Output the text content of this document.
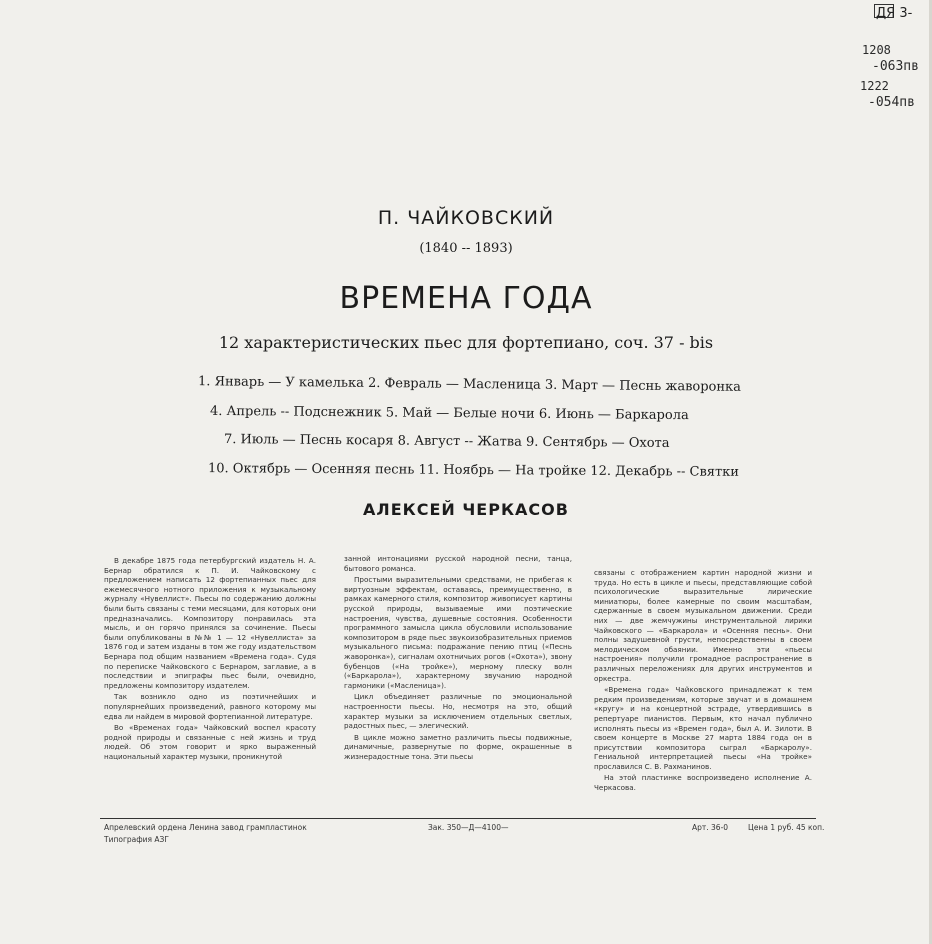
ДЯ 3-
1208
-063пв
1222
-054пв
П. ЧАЙКОВСКИЙ
(1840 -- 1893)
ВРЕМЕНА ГОДА
12 характеристических пьес для фортепиано, соч. 37 - bis
1. Январь — У камелька 2. Февраль — Масленица 3. Март — Песнь жаворонка
4. Апрель -- Подснежник 5. Май — Белые ночи 6. Июнь — Баркарола
7. Июль — Песнь косаря 8. Август -- Жатва 9. Сентябрь — Охота
10. Октябрь — Осенняя песнь 11. Ноябрь — На тройке 12. Декабрь -- Святки
АЛЕКСЕЙ ЧЕРКАСОВ

В декабре 1875 года петербургский издатель Н. А. Бернар обратился к П. И. Чайковскому с предложением написать 12 фортепианных пьес для ежемесячного нотного приложения к музыкальному журналу «Нувеллист». Пьесы по содержанию должны были быть связаны с теми месяцами, для которых они предназначались. Композитору понравилась эта мысль, и он горячо принялся за сочинение. Пьесы были опубликованы в №№ 1 — 12 «Нувеллиста» за 1876 год и затем изданы в том же году издательством Бернара под общим названием «Времена года». Судя по переписке Чайковского с Бернаром, заглавие, а в последствии и эпиграфы пьес были, очевидно, предложены композитору издателем.

Так возникло одно из поэтичнейших и популярнейших произведений, равного которому мы едва ли найдем в мировой фортепианной литературе.

Во «Временах года» Чайковский воспел красоту родной природы и связанные с ней жизнь и труд людей. Об этом говорит и ярко выраженный национальный характер музыки, проникнутой

занной интонациями русской народной песни, танца, бытового романса.

Простыми выразительными средствами, не прибегая к виртуозным эффектам, оставаясь, преимущественно, в рамках камерного стиля, композитор живописует картины русской природы, вызываемые ими поэтические настроения, чувства, душевные состояния. Особенности программного замысла цикла обусловили использование композитором в ряде пьес звукоизобразительных приемов музыкального письма: подражание пению птиц («Песнь жаворонка»), сигналам охотничьих рогов («Охота»), звону бубенцов («На тройке»), мерному плеску волн («Баркарола»), характерному звучанию народной гармоники («Масленица»).

Цикл объединяет различные по эмоциональной настроенности пьесы. Но, несмотря на это, общий характер музыки за исключением отдельных светлых, радостных пьес, — элегический.

В цикле можно заметно различить пьесы подвижные, динамичные, развернутые по форме, окрашенные в жизнерадостные тона. Эти пьесы

связаны с отображением картин народной жизни и труда. Но есть в цикле и пьесы, представляющие собой психологические выразительные лирические миниатюры, более камерные по своим масштабам, сдержанные в своем музыкальном движении. Среди них — две жемчужины инструментальной лирики Чайковского — «Баркарола» и «Осенняя песнь». Они полны задушевной грусти, непосредственны в своем мелодическом обаянии. Именно эти «пьесы настроения» получили громадное распространение в различных переложениях для других инструментов и оркестра.

«Времена года» Чайковского принадлежат к тем редким произведениям, которые звучат и в домашнем «кругу» и на концертной эстраде, утвердившись в репертуаре пианистов. Первым, кто начал публично исполнять пьесы из «Времен года», был А. И. Зилоти. В своем концерте в Москве 27 марта 1884 года он в присутствии композитора сыграл «Баркаролу». Гениальной интерпретацией пьесы «На тройке» прославился С. В. Рахманинов.

На этой пластинке воспроизведено исполнение А. Черкасова.

Апрелевский ордена Ленина завод грампластинок
Типография АЗГ
Зак. 350—Д—4100—	Арт. 36-0	Цена 1 руб. 45 коп.
